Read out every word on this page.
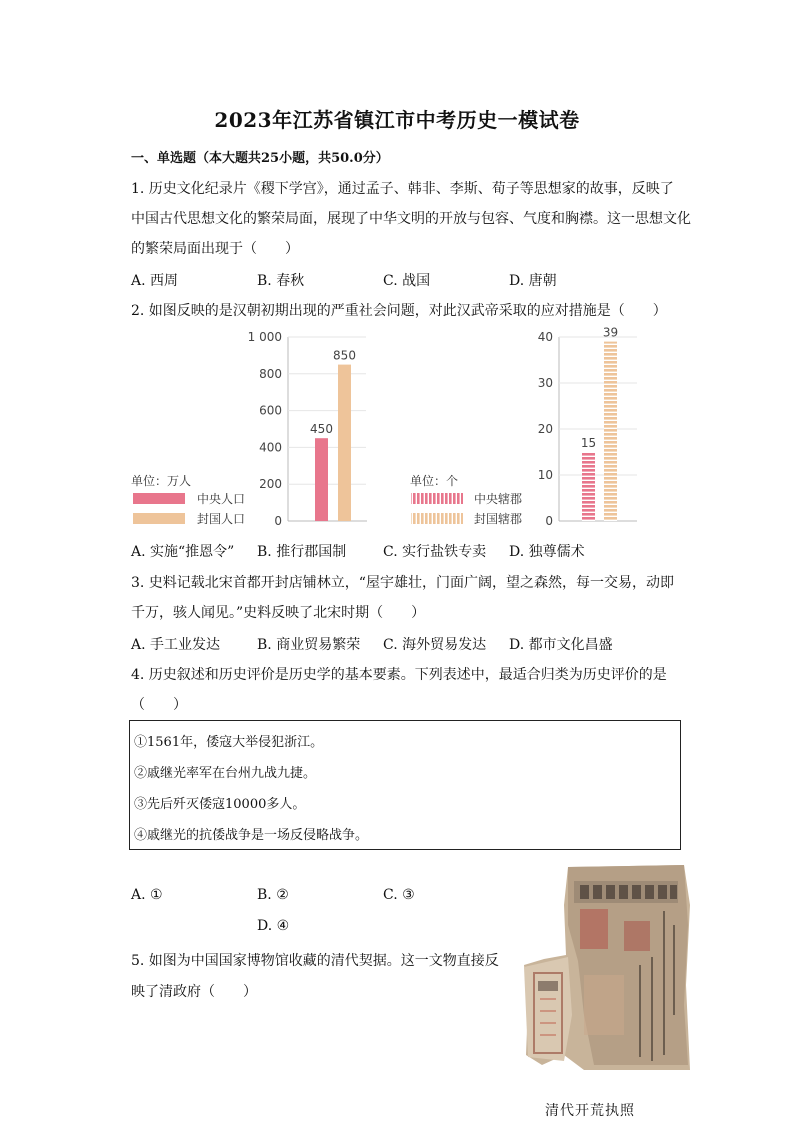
2023年江苏省镇江市中考历史一模试卷
一、单选题（本大题共25小题，共50.0分）
1. 历史文化纪录片《稷下学宫》，通过孟子、韩非、李斯、荀子等思想家的故事，反映了
中国古代思想文化的繁荣局面，展现了中华文明的开放与包容、气度和胸襟。这一思想文化
的繁荣局面出现于（　　）
A. 西周	B. 春秋	C. 战国	D. 唐朝
2. 如图反映的是汉朝初期出现的严重社会问题，对此汉武帝采取的应对措施是（　　）
0
200
400
600
800
1 000
450
850
单位：万人
中央人口
封国人口	0
10
20
30
40
15
39
单位：个
中央辖郡
封国辖郡
A. 实施“推恩令” B. 推行郡国制	C. 实行盐铁专卖 D. 独尊儒术
3. 史料记载北宋首都开封店铺林立，“屋宇雄壮，门面广阔，望之森然，每一交易，动即
千万，骇人闻见。”史料反映了北宋时期（　　）
A. 手工业发达	B. 商业贸易繁荣 C. 海外贸易发达 D. 都市文化昌盛
4. 历史叙述和历史评价是历史学的基本要素。下列表述中，最适合归类为历史评价的是
（　　）
①1561年，倭寇大举侵犯浙江。
②戚继光率军在台州九战九捷。
③先后歼灭倭寇10000多人。
④戚继光的抗倭战争是一场反侵略战争。
A. ①	B. ②	C. ③
D. ④
5. 如图为中国国家博物馆收藏的清代契据。这一文物直接反
映了清政府（　　）
清代开荒执照
